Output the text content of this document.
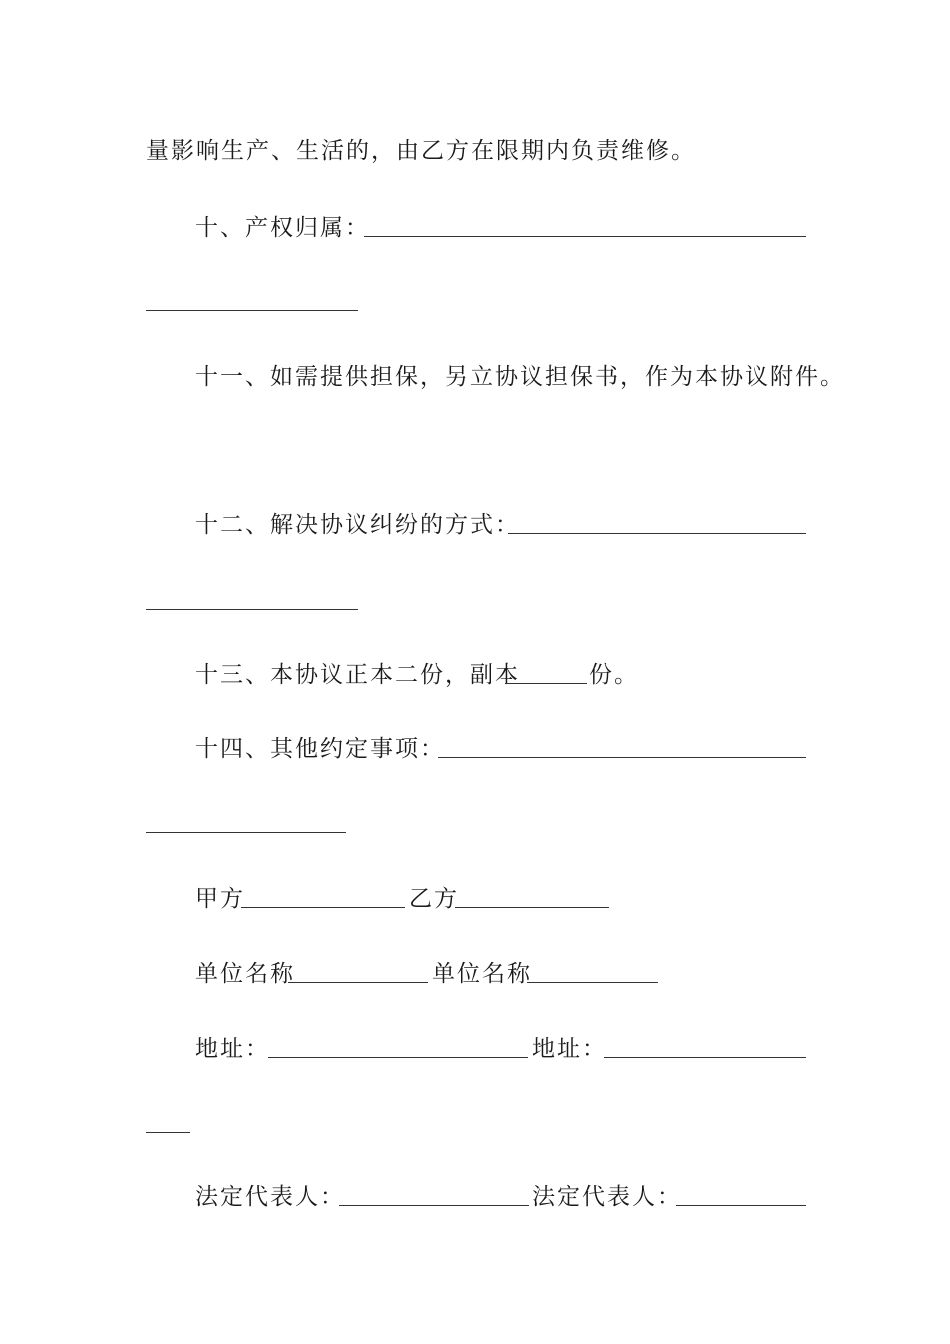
量影响生产、生活的，由乙方在限期内负责维修。
十、产权归属：
十一、如需提供担保，另立协议担保书，作为本协议附件。
十二、解决协议纠纷的方式：
十三、本协议正本二份，副本	份。
十四、其他约定事项：
甲方	乙方
单位名称	单位名称
地址：	地址：
法定代表人：	法定代表人：
